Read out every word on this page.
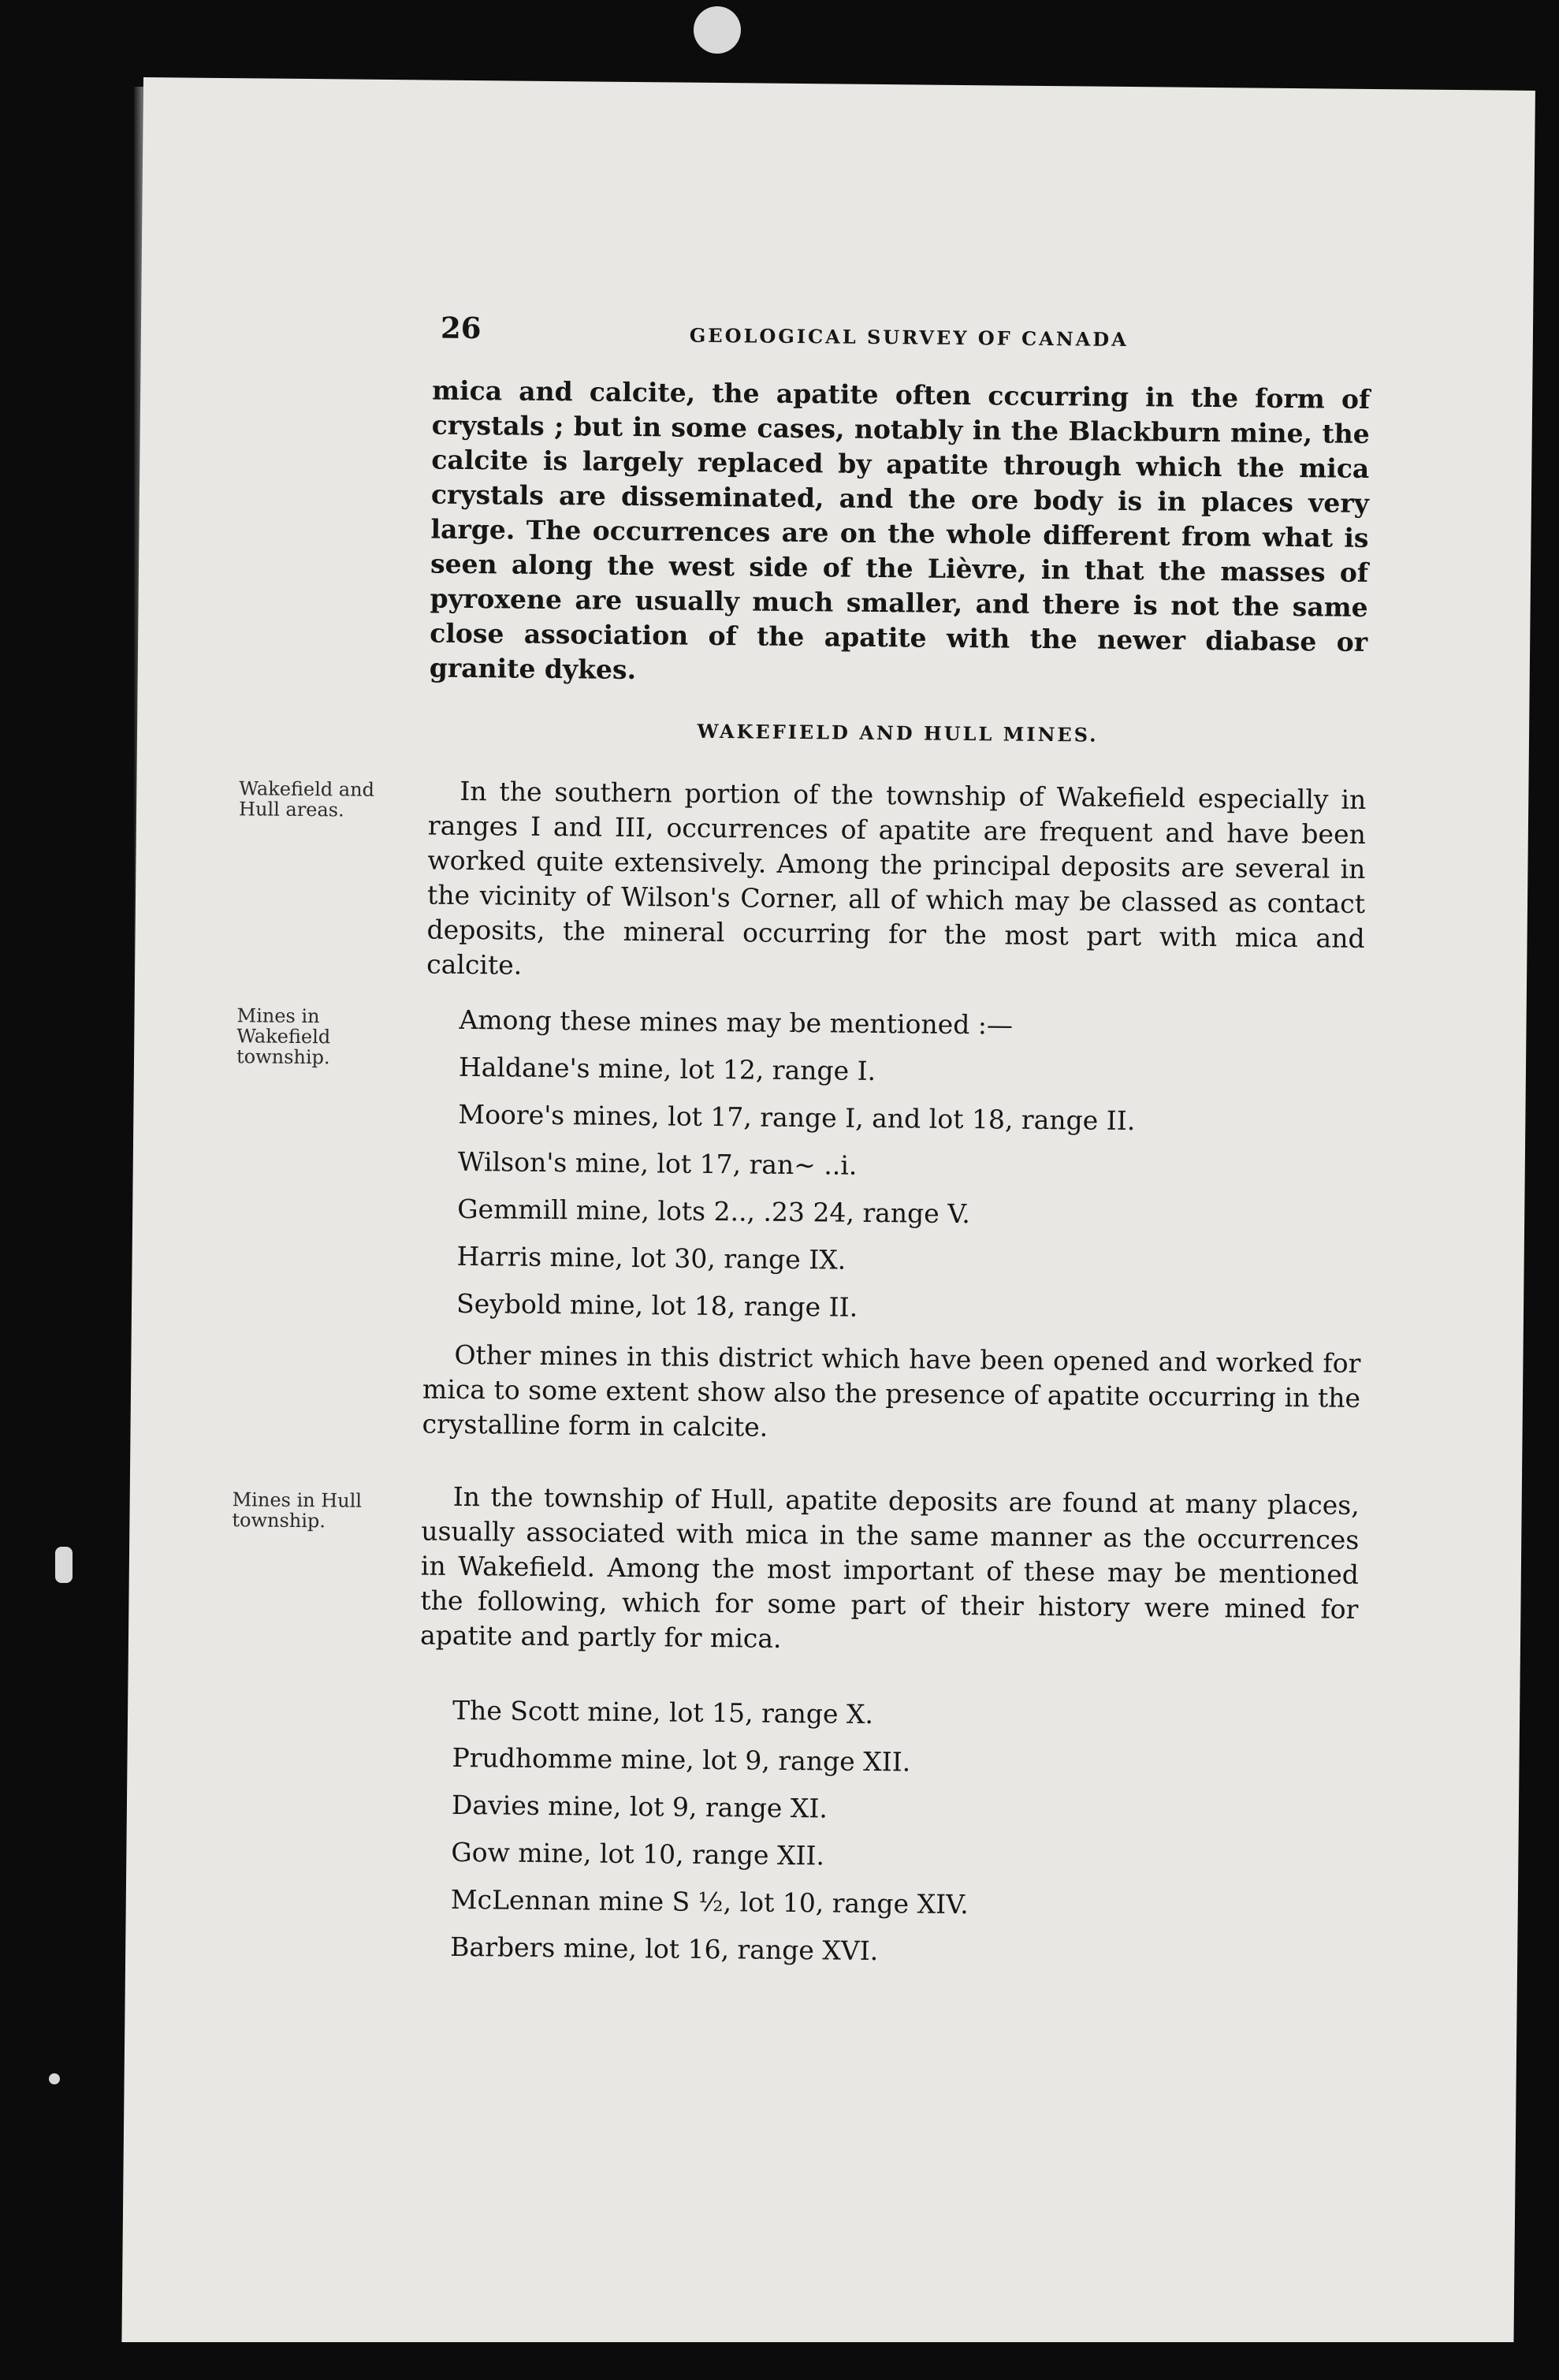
26	GEOLOGICAL SURVEY OF CANADA
mica and calcite, the apatite often cccurring in the form of crystals ; but in some cases, notably in the Blackburn mine, the calcite is largely replaced by apatite through which the mica crystals are disseminated, and the ore body is in places very large. The occurrences are on the whole different from what is seen along the west side of the Lièvre, in that the masses of pyroxene are usually much smaller, and there is not the same close association of the apatite with the newer diabase or granite dykes.
WAKEFIELD AND HULL MINES.
Wakefield and Hull areas.	In the southern portion of the township of Wakefield especially in ranges I and III, occurrences of apatite are frequent and have been worked quite extensively. Among the principal deposits are several in the vicinity of Wilson's Corner, all of which may be classed as contact deposits, the mineral occurring for the most part with mica and calcite.
Mines in Wakefield township.
Among these mines may be mentioned :—
Haldane's mine, lot 12, range I.
Moore's mines, lot 17, range I, and lot 18, range II.
Wilson's mine, lot 17, ran~ ..i.
Gemmill mine, lots 2.., .23 24, range V.
Harris mine, lot 30, range IX.
Seybold mine, lot 18, range II.
Other mines in this district which have been opened and worked for mica to some extent show also the presence of apatite occurring in the crystalline form in calcite.
Mines in Hull township.	In the township of Hull, apatite deposits are found at many places, usually associated with mica in the same manner as the occurrences in Wakefield. Among the most important of these may be mentioned the following, which for some part of their history were mined for apatite and partly for mica.
The Scott mine, lot 15, range X.
Prudhomme mine, lot 9, range XII.
Davies mine, lot 9, range XI.
Gow mine, lot 10, range XII.
McLennan mine S ½, lot 10, range XIV.
Barbers mine, lot 16, range XVI.
